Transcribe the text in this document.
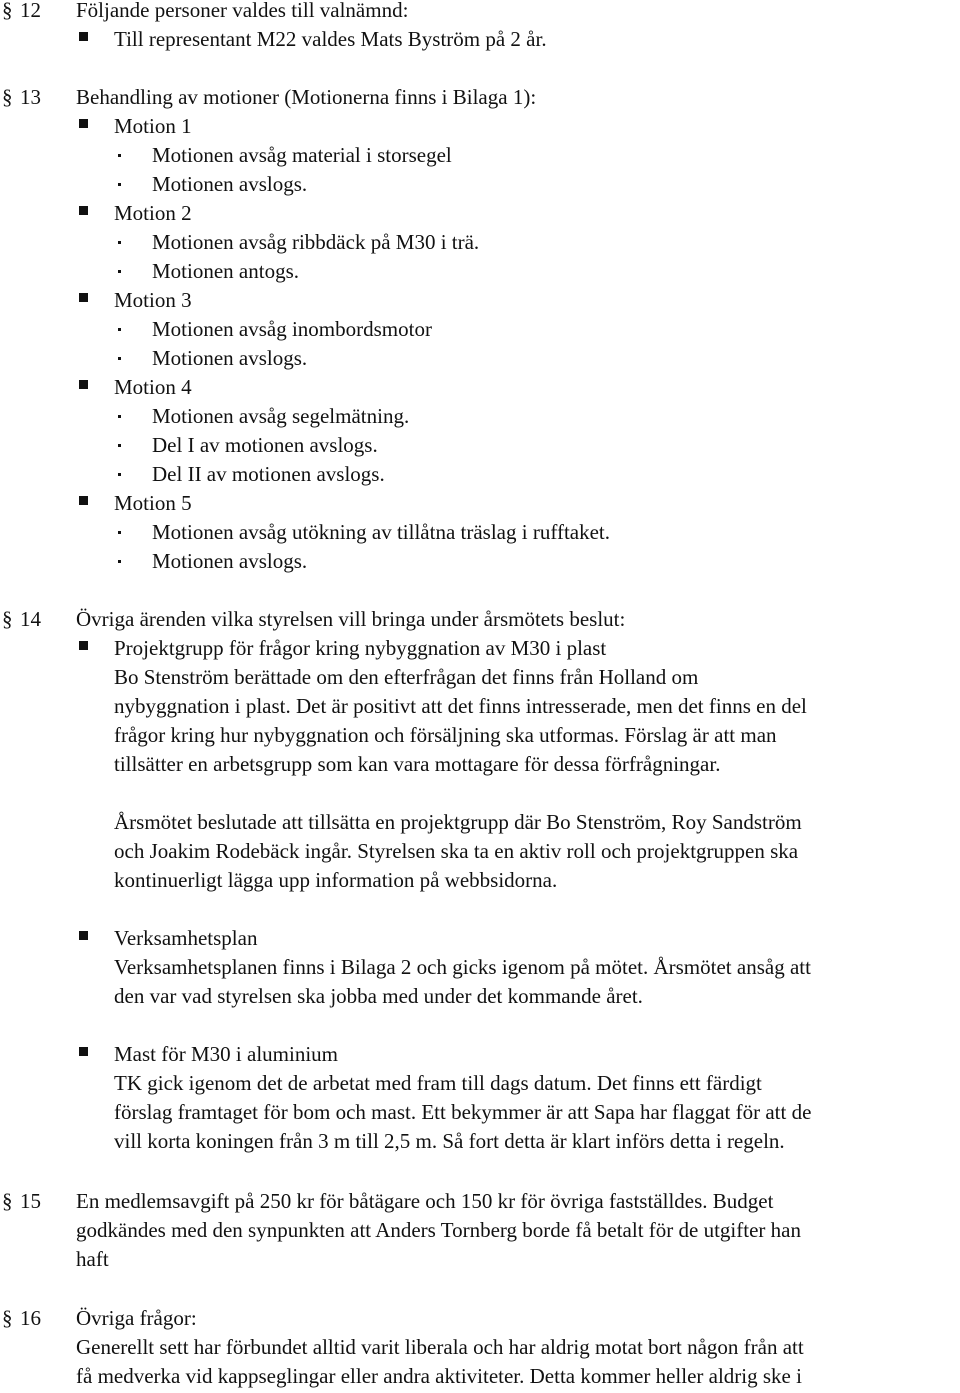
§ 12 Följande personer valdes till valnämnd:
Till representant M22 valdes Mats Byström på 2 år.
§ 13 Behandling av motioner (Motionerna finns i Bilaga 1):
Motion 1
Motionen avsåg material i storsegel
Motionen avslogs.
Motion 2
Motionen avsåg ribbdäck på M30 i trä.
Motionen antogs.
Motion 3
Motionen avsåg inombordsmotor
Motionen avslogs.
Motion 4
Motionen avsåg segelmätning.
Del I av motionen avslogs.
Del II av motionen avslogs.
Motion 5
Motionen avsåg utökning av tillåtna träslag i rufftaket.
Motionen avslogs.
§ 14 Övriga ärenden vilka styrelsen vill bringa under årsmötets beslut:
Projektgrupp för frågor kring nybyggnation av M30 i plast
Bo Stenström berättade om den efterfrågan det finns från Holland om
nybyggnation i plast. Det är positivt att det finns intresserade, men det finns en del
frågor kring hur nybyggnation och försäljning ska utformas. Förslag är att man
tillsätter en arbetsgrupp som kan vara mottagare för dessa förfrågningar.
Årsmötet beslutade att tillsätta en projektgrupp där Bo Stenström, Roy Sandström
och Joakim Rodebäck ingår. Styrelsen ska ta en aktiv roll och projektgruppen ska
kontinuerligt lägga upp information på webbsidorna.
Verksamhetsplan
Verksamhetsplanen finns i Bilaga 2 och gicks igenom på mötet. Årsmötet ansåg att
den var vad styrelsen ska jobba med under det kommande året.
Mast för M30 i aluminium
TK gick igenom det de arbetat med fram till dags datum. Det finns ett färdigt
förslag framtaget för bom och mast. Ett bekymmer är att Sapa har flaggat för att de
vill korta koningen från 3 m till 2,5 m. Så fort detta är klart införs detta i regeln.
§ 15 En medlemsavgift på 250 kr för båtägare och 150 kr för övriga fastställdes. Budget
godkändes med den synpunkten att Anders Tornberg borde få betalt för de utgifter han
haft
§ 16 Övriga frågor:
Generellt sett har förbundet alltid varit liberala och har aldrig motat bort någon från att
få medverka vid kappseglingar eller andra aktiviteter. Detta kommer heller aldrig ske i
